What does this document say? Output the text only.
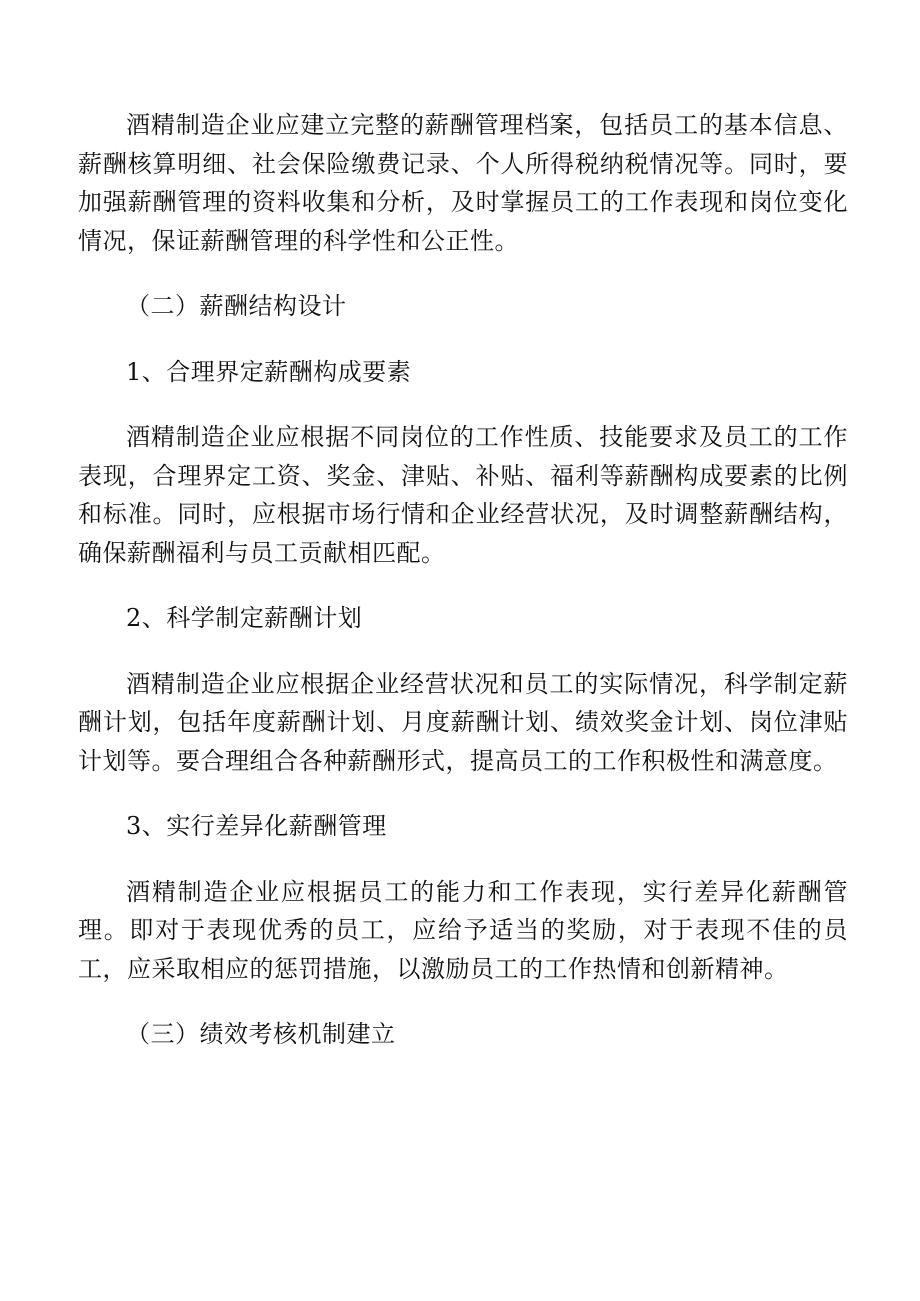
酒精制造企业应建立完整的薪酬管理档案，包括员工的基本信息、薪酬核算明细、社会保险缴费记录、个人所得税纳税情况等。同时，要加强薪酬管理的资料收集和分析，及时掌握员工的工作表现和岗位变化情况，保证薪酬管理的科学性和公正性。

（二）薪酬结构设计

1、合理界定薪酬构成要素

酒精制造企业应根据不同岗位的工作性质、技能要求及员工的工作表现，合理界定工资、奖金、津贴、补贴、福利等薪酬构成要素的比例和标准。同时，应根据市场行情和企业经营状况，及时调整薪酬结构，确保薪酬福利与员工贡献相匹配。

2、科学制定薪酬计划

酒精制造企业应根据企业经营状况和员工的实际情况，科学制定薪酬计划，包括年度薪酬计划、月度薪酬计划、绩效奖金计划、岗位津贴计划等。要合理组合各种薪酬形式，提高员工的工作积极性和满意度。

3、实行差异化薪酬管理

酒精制造企业应根据员工的能力和工作表现，实行差异化薪酬管理。即对于表现优秀的员工，应给予适当的奖励，对于表现不佳的员工，应采取相应的惩罚措施，以激励员工的工作热情和创新精神。

（三）绩效考核机制建立
